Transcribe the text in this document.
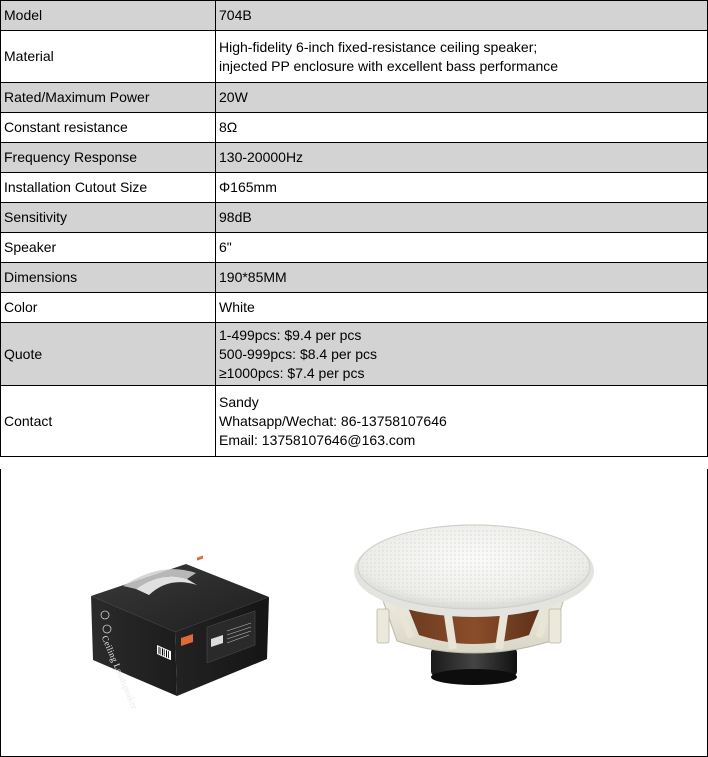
Model	704B
Material	High-fidelity 6-inch fixed-resistance ceiling speaker;
injected PP enclosure with excellent bass performance

Rated/Maximum Power	20W
Constant resistance	8Ω
Frequency Response	130-20000Hz
Installation Cutout Size	Φ165mm
Sensitivity	98dB
Speaker	6"
Dimensions	190*85MM
Color	White
Quote	1-499pcs: $9.4 per pcs
500-999pcs: $8.4 per pcs
≥1000pcs: $7.4 per pcs

Contact	Sandy
Whatsapp/Wechat: 86-13758107646
Email: 13758107646@163.com
Ceiling Loudspeaker
